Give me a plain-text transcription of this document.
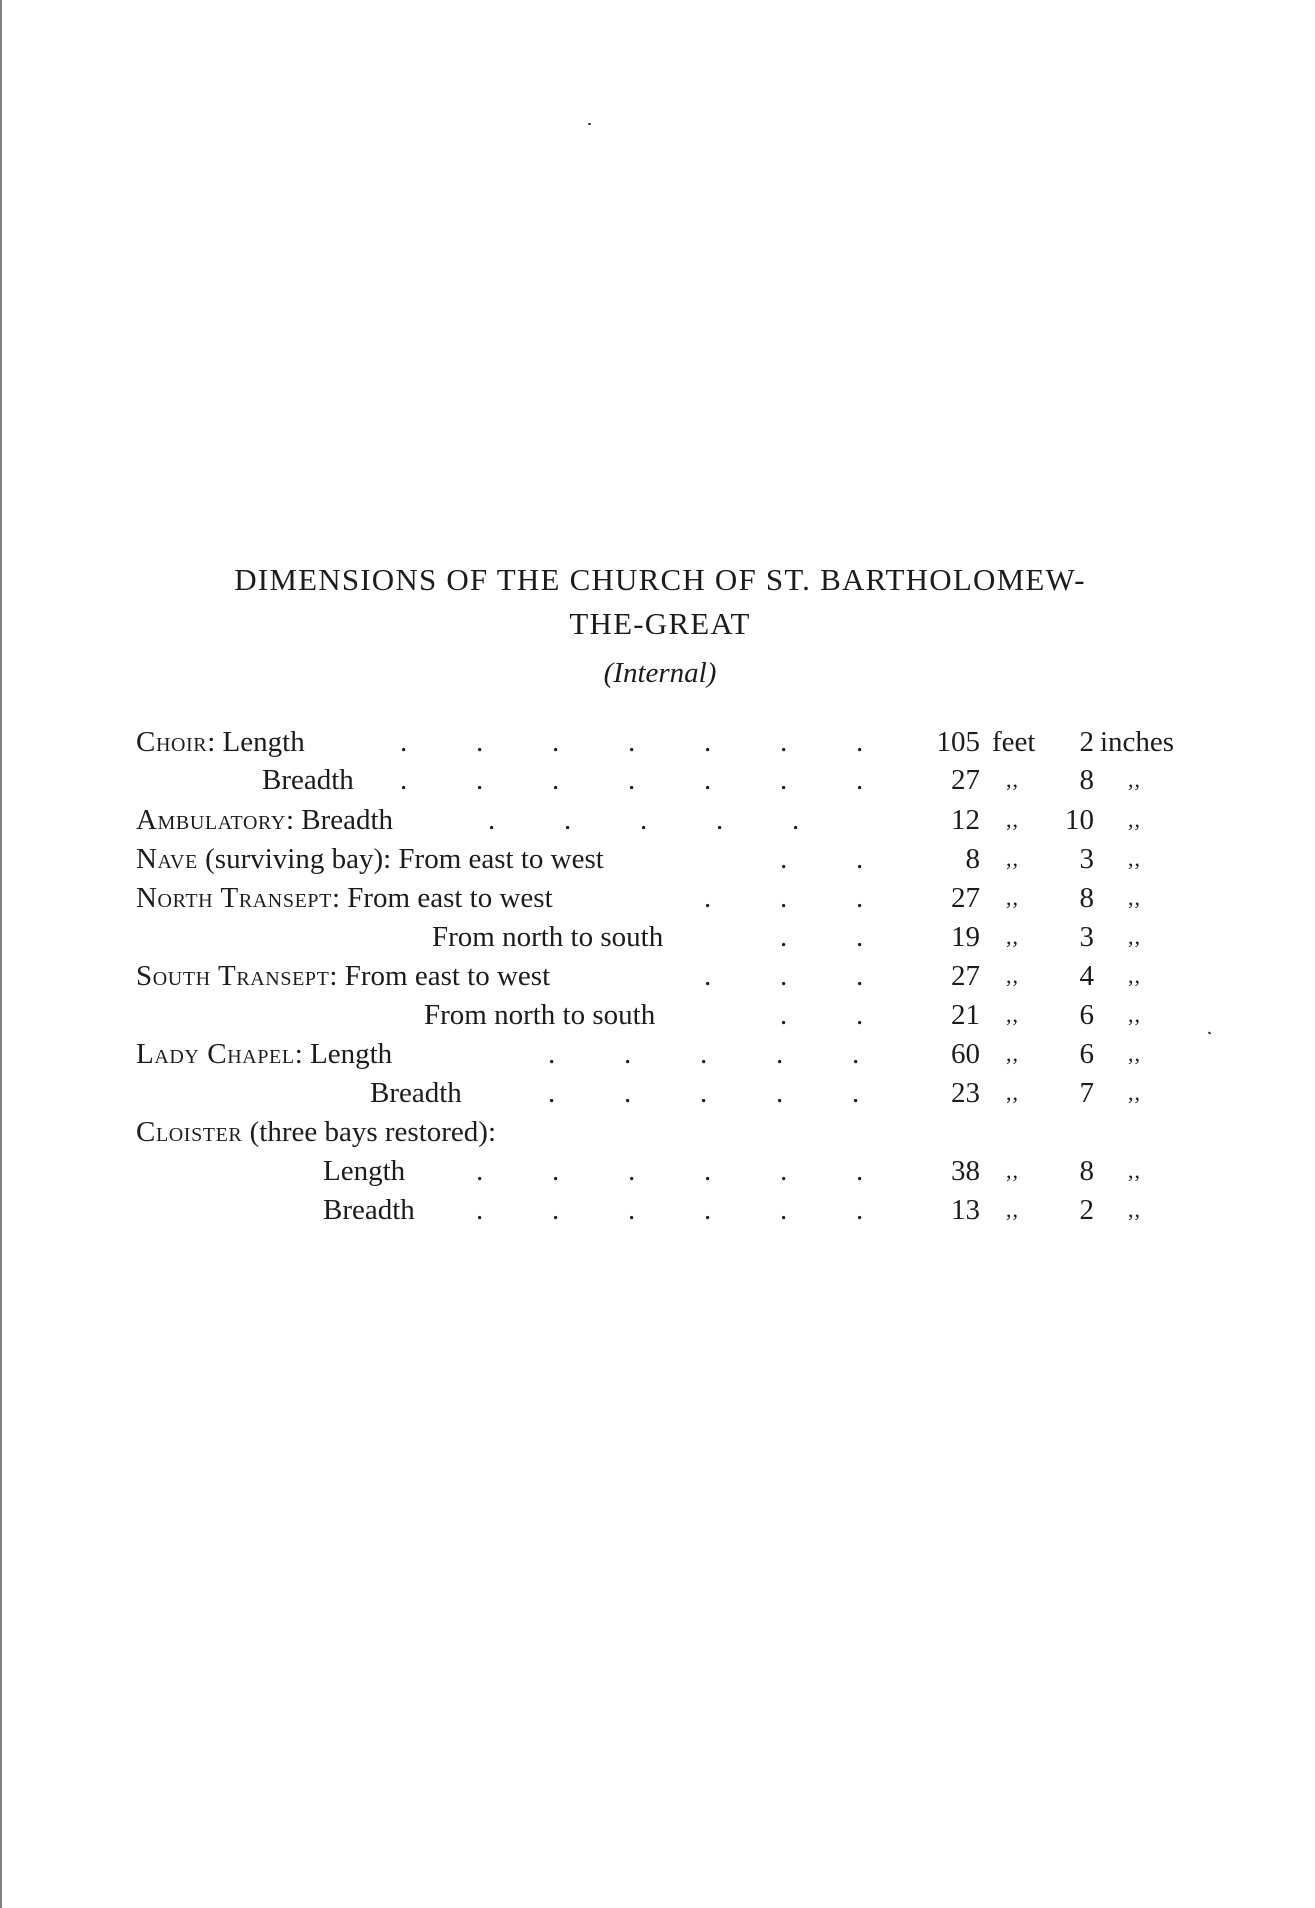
DIMENSIONS OF THE CHURCH OF ST. BARTHOLOMEW-
THE-GREAT
(Internal)
Choir: Length	. . . . . . .	105 feet	2 inches
Breadth . . . . . . .	27 ,,	8 ,,
Ambulatory: Breadth	. . . . .	12 ,,	10 ,,
Nave (surviving bay): From east to west	. .	8 ,,	3 ,,
North Transept: From east to west	. . .	27 ,,	8 ,,
From north to south	. .	19 ,,	3 ,,
South Transept: From east to west	. . .	27 ,,	4 ,,
From north to south	. .	21 ,,	6 ,,
Lady Chapel: Length	. . . . .	60 ,,	6 ,,
Breadth	. . . . .	23 ,,	7 ,,
Cloister (three bays restored):
Length . . . . . .	38 ,,	8 ,,
Breadth . . . . . .	13 ,,	2 ,,
